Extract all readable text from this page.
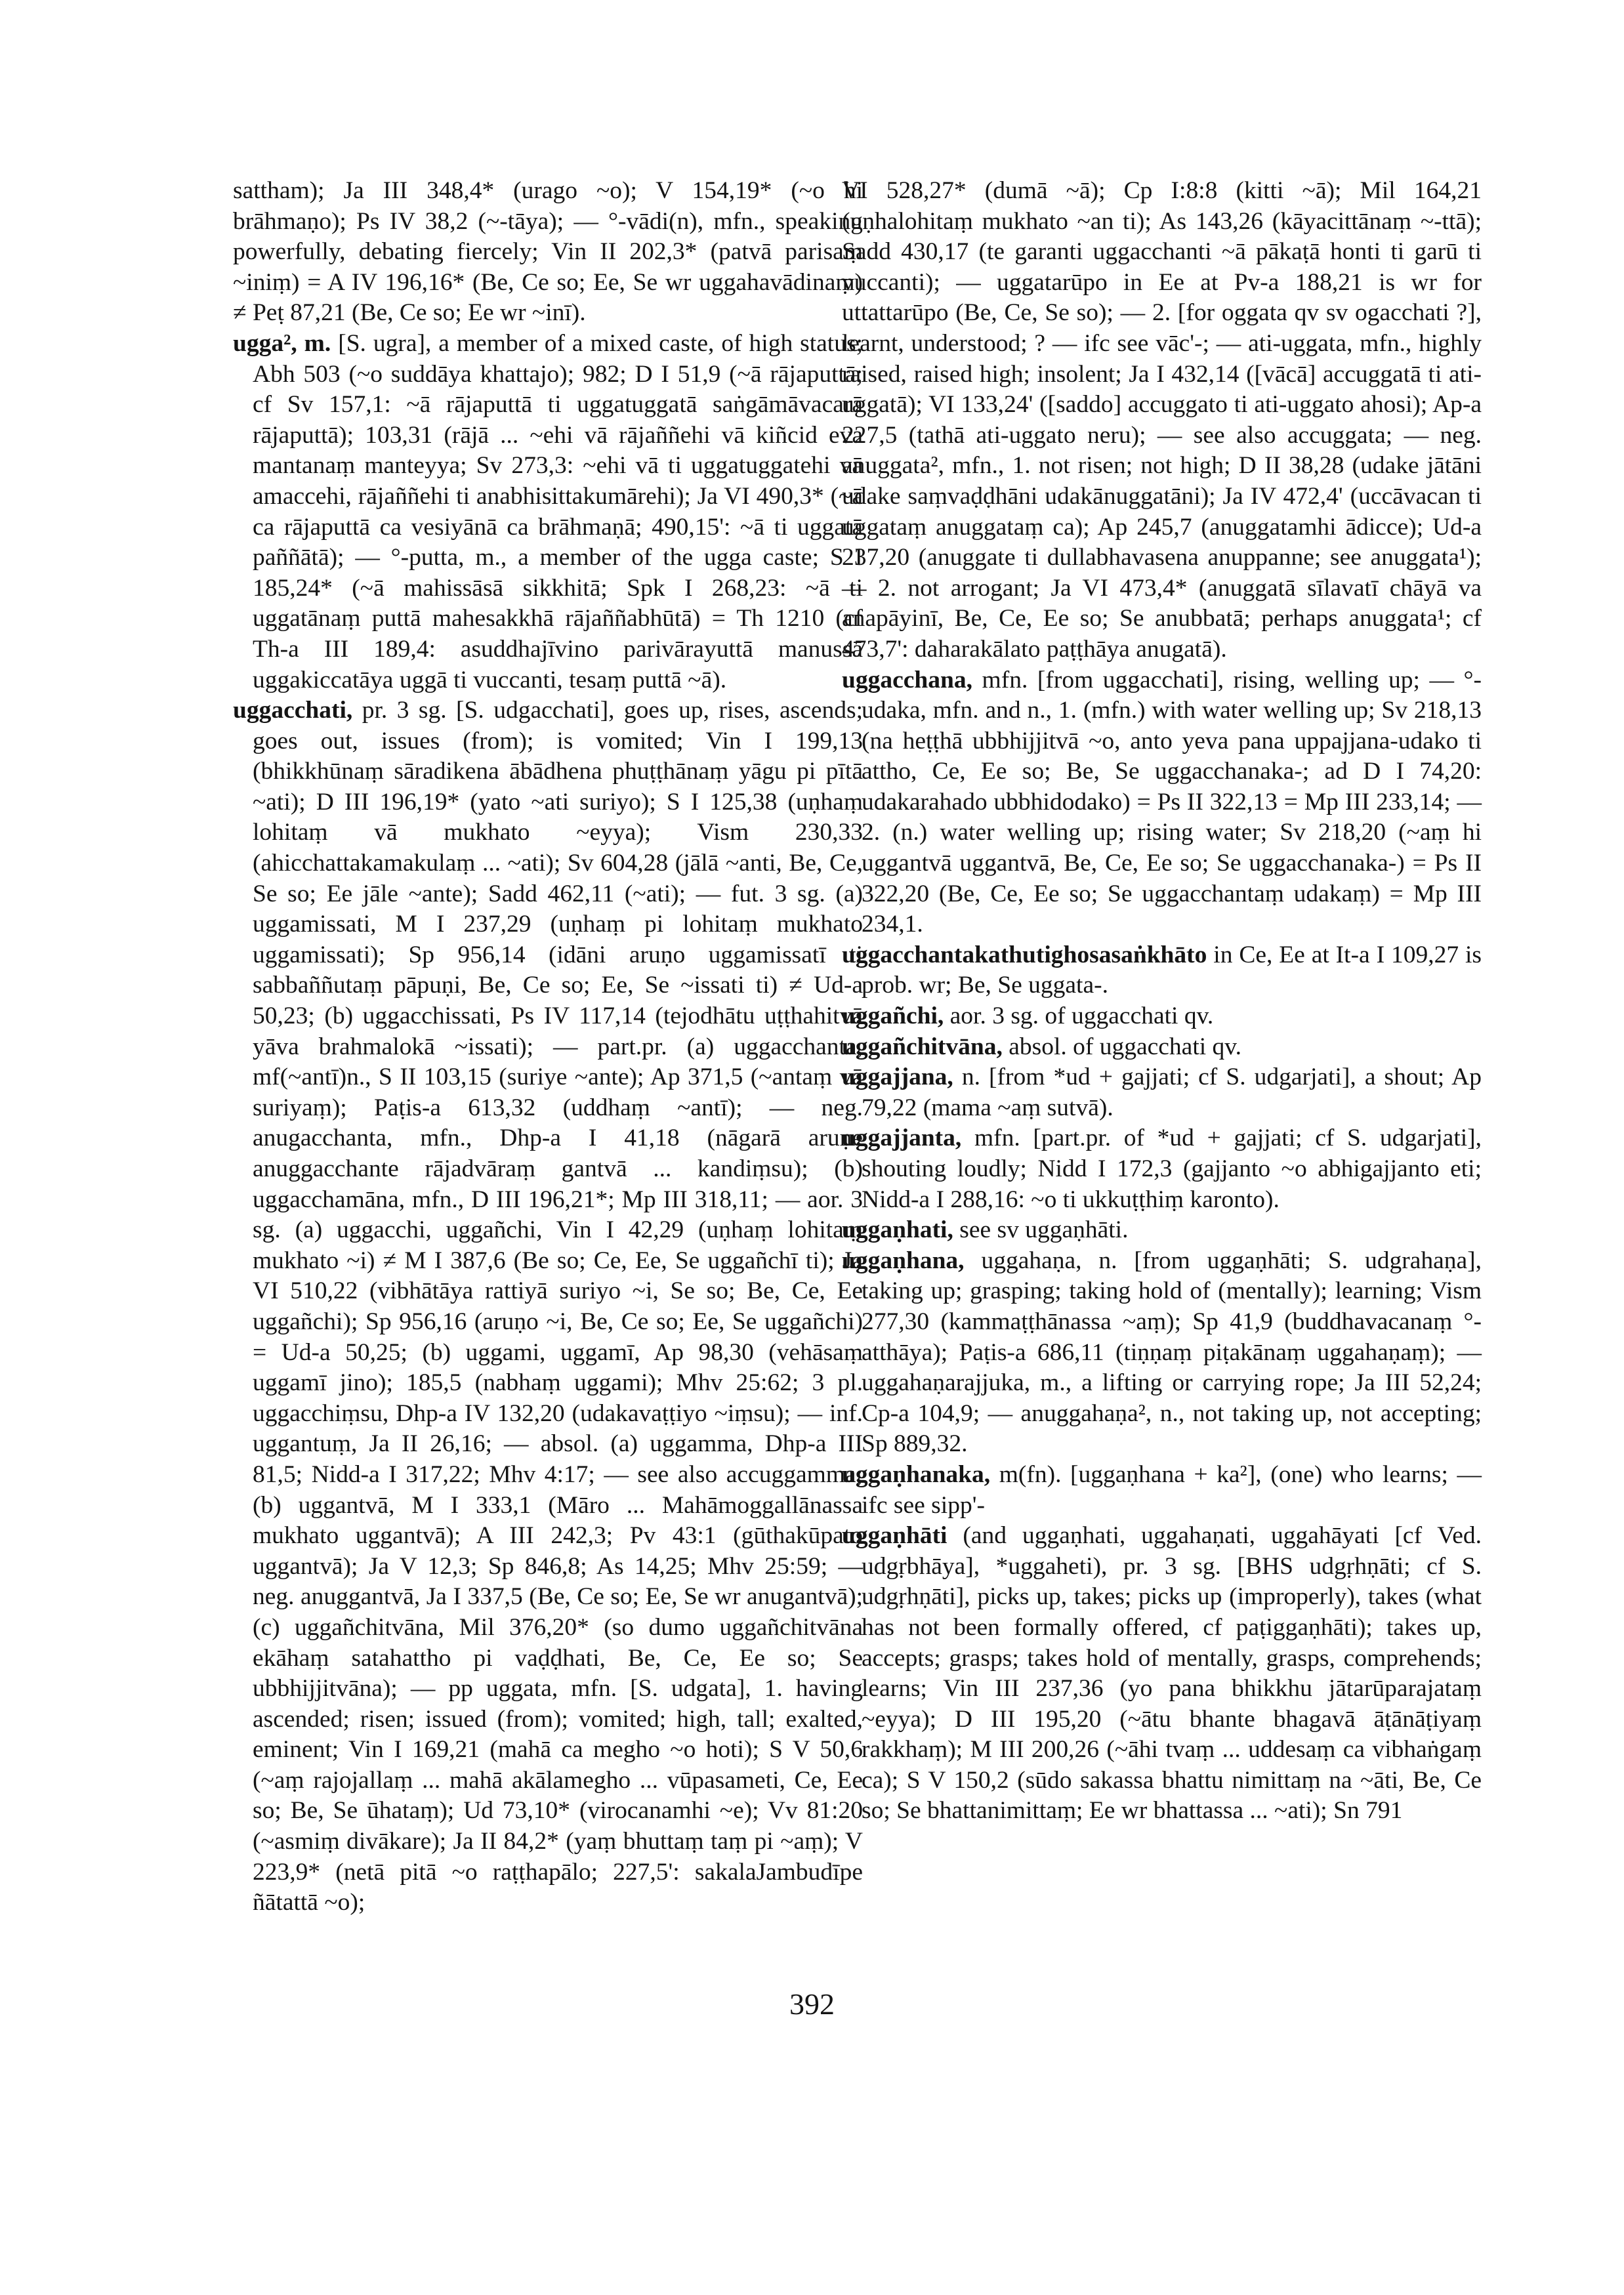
sattham); Ja III 348,4* (urago ~o); V 154,19* (~o hi brāhmaṇo); Ps IV 38,2 (~-tāya); — °-vādi(n), mfn., speaking powerfully, debating fiercely; Vin II 202,3* (patvā parisaṃ ~iniṃ) = A IV 196,16* (Be, Ce so; Ee, Se wr uggahavādinaṃ) ≠ Peṭ 87,21 (Be, Ce so; Ee wr ~inī).

ugga², m. [S. ugra], a member of a mixed caste, of high status; Abh 503 (~o suddāya khattajo); 982; D I 51,9 (~ā rājaputtā; cf Sv 157,1: ~ā rājaputtā ti uggatuggatā saṅgāmāvacarā rājaputtā); 103,31 (rājā ... ~ehi vā rājaññehi vā kiñcid eva mantanaṃ manteyya; Sv 273,3: ~ehi vā ti uggatuggatehi vā amaccehi, rājaññehi ti anabhisittakumārehi); Ja VI 490,3* (~ā ca rājaputtā ca vesiyānā ca brāhmaṇā; 490,15': ~ā ti uggatā paññātā); — °-putta, m., a member of the ugga caste; S I 185,24* (~ā mahissāsā sikkhitā; Spk I 268,23: ~ā ti uggatānaṃ puttā mahesakkhā rājaññabhūtā) = Th 1210 (cf Th-a III 189,4: asuddhajīvino parivārayuttā manussā uggakiccatāya uggā ti vuccanti, tesaṃ puttā ~ā).

uggacchati, pr. 3 sg. [S. udgacchati], goes up, rises, ascends; goes out, issues (from); is vomited; Vin I 199,13 (bhikkhūnaṃ sāradikena ābādhena phuṭṭhānaṃ yāgu pi pītā ~ati); D III 196,19* (yato ~ati suriyo); S I 125,38 (uṇhaṃ lohitaṃ vā mukhato ~eyya); Vism 230,33 (ahicchattakamakulaṃ ... ~ati); Sv 604,28 (jālā ~anti, Be, Ce, Se so; Ee jāle ~ante); Sadd 462,11 (~ati); — fut. 3 sg. (a) uggamissati, M I 237,29 (uṇhaṃ pi lohitaṃ mukhato uggamissati); Sp 956,14 (idāni aruṇo uggamissatī ti sabbaññutaṃ pāpuṇi, Be, Ce so; Ee, Se ~issati ti) ≠ Ud-a 50,23; (b) uggacchissati, Ps IV 117,14 (tejodhātu uṭṭhahitvā yāva brahmalokā ~issati); — part.pr. (a) uggacchanta, mf(~antī)n., S II 103,15 (suriye ~ante); Ap 371,5 (~antaṃ vā suriyaṃ); Paṭis-a 613,32 (uddhaṃ ~antī); — neg. anugacchanta, mfn., Dhp-a I 41,18 (nāgarā aruṇe anuggacchante rājadvāraṃ gantvā ... kandiṃsu); (b) uggacchamāna, mfn., D III 196,21*; Mp III 318,11; — aor. 3 sg. (a) uggacchi, uggañchi, Vin I 42,29 (uṇhaṃ lohitaṃ mukhato ~i) ≠ M I 387,6 (Be so; Ce, Ee, Se uggañchī ti); Ja VI 510,22 (vibhātāya rattiyā suriyo ~i, Se so; Be, Ce, Ee uggañchi); Sp 956,16 (aruṇo ~i, Be, Ce so; Ee, Se uggañchi) = Ud-a 50,25; (b) uggami, uggamī, Ap 98,30 (vehāsaṃ uggamī jino); 185,5 (nabhaṃ uggami); Mhv 25:62; 3 pl. uggacchiṃsu, Dhp-a IV 132,20 (udakavaṭṭiyo ~iṃsu); — inf. uggantuṃ, Ja II 26,16; — absol. (a) uggamma, Dhp-a III 81,5; Nidd-a I 317,22; Mhv 4:17; — see also accuggamma; (b) uggantvā, M I 333,1 (Māro ... Mahāmoggallānassa mukhato uggantvā); A III 242,3; Pv 43:1 (gūthakūpato uggantvā); Ja V 12,3; Sp 846,8; As 14,25; Mhv 25:59; — neg. anuggantvā, Ja I 337,5 (Be, Ce so; Ee, Se wr anugantvā); (c) uggañchitvāna, Mil 376,20* (so dumo uggañchitvāna ekāhaṃ satahattho pi vaḍḍhati, Be, Ce, Ee so; Se ubbhijjitvāna); — pp uggata, mfn. [S. udgata], 1. having ascended; risen; issued (from); vomited; high, tall; exalted, eminent; Vin I 169,21 (mahā ca megho ~o hoti); S V 50,6 (~aṃ rajojallaṃ ... mahā akālamegho ... vūpasameti, Ce, Ee so; Be, Se ūhataṃ); Ud 73,10* (virocanamhi ~e); Vv 81:20 (~asmiṃ divākare); Ja II 84,2* (yaṃ bhuttaṃ taṃ pi ~aṃ); V 223,9* (netā pitā ~o raṭṭhapālo; 227,5': sakalaJambudīpe ñātattā ~o);

VI 528,27* (dumā ~ā); Cp I:8:8 (kitti ~ā); Mil 164,21 (uṇhalohitaṃ mukhato ~an ti); As 143,26 (kāyacittānaṃ ~-ttā); Sadd 430,17 (te garanti uggacchanti ~ā pākaṭā honti ti garū ti vuccanti); — uggatarūpo in Ee at Pv-a 188,21 is wr for uttattarūpo (Be, Ce, Se so); — 2. [for oggata qv sv ogacchati ?], learnt, understood; ? — ifc see vāc'-; — ati-uggata, mfn., highly raised, raised high; insolent; Ja I 432,14 ([vācā] accuggatā ti ati-uggatā); VI 133,24' ([saddo] accuggato ti ati-uggato ahosi); Ap-a 227,5 (tathā ati-uggato neru); — see also accuggata; — neg. anuggata², mfn., 1. not risen; not high; D II 38,28 (udake jātāni udake saṃvaḍḍhāni udakānuggatāni); Ja IV 472,4' (uccāvacan ti uggataṃ anuggataṃ ca); Ap 245,7 (anuggatamhi ādicce); Ud-a 237,20 (anuggate ti dullabhavasena anuppanne; see anuggata¹); — 2. not arrogant; Ja VI 473,4* (anuggatā sīlavatī chāyā va anapāyinī, Be, Ce, Ee so; Se anubbatā; perhaps anuggata¹; cf 473,7': daharakālato paṭṭhāya anugatā).

uggacchana, mfn. [from uggacchati], rising, welling up; — °-udaka, mfn. and n., 1. (mfn.) with water welling up; Sv 218,13 (na heṭṭhā ubbhijjitvā ~o, anto yeva pana uppajjana-udako ti attho, Ce, Ee so; Be, Se uggacchanaka-; ad D I 74,20: udakarahado ubbhidodako) = Ps II 322,13 = Mp III 233,14; — 2. (n.) water welling up; rising water; Sv 218,20 (~aṃ hi uggantvā uggantvā, Be, Ce, Ee so; Se uggacchanaka-) = Ps II 322,20 (Be, Ce, Ee so; Se uggacchantaṃ udakaṃ) = Mp III 234,1.

uggacchantakathutighosasaṅkhāto in Ce, Ee at It-a I 109,27 is prob. wr; Be, Se uggata-.

uggañchi, aor. 3 sg. of uggacchati qv.

uggañchitvāna, absol. of uggacchati qv.

uggajjana, n. [from *ud + gajjati; cf S. udgarjati], a shout; Ap 79,22 (mama ~aṃ sutvā).

uggajjanta, mfn. [part.pr. of *ud + gajjati; cf S. udgarjati], shouting loudly; Nidd I 172,3 (gajjanto ~o abhigajjanto eti; Nidd-a I 288,16: ~o ti ukkuṭṭhiṃ karonto).

uggaṇhati, see sv uggaṇhāti.

uggaṇhana, uggahaṇa, n. [from uggaṇhāti; S. udgrahaṇa], taking up; grasping; taking hold of (mentally); learning; Vism 277,30 (kammaṭṭhānassa ~aṃ); Sp 41,9 (buddhavacanaṃ °-atthāya); Paṭis-a 686,11 (tiṇṇaṃ piṭakānaṃ uggahaṇaṃ); — uggahaṇarajjuka, m., a lifting or carrying rope; Ja III 52,24; Cp-a 104,9; — anuggahaṇa², n., not taking up, not accepting; Sp 889,32.

uggaṇhanaka, m(fn). [uggaṇhana + ka²], (one) who learns; — ifc see sipp'-

uggaṇhāti (and uggaṇhati, uggahaṇati, uggahāyati [cf Ved. udgṛbhāya], *uggaheti), pr. 3 sg. [BHS udgṛhṇāti; cf S. udgṛhṇāti], picks up, takes; picks up (improperly), takes (what has not been formally offered, cf paṭiggaṇhāti); takes up, accepts; grasps; takes hold of mentally, grasps, comprehends; learns; Vin III 237,36 (yo pana bhikkhu jātarūparajataṃ ~eyya); D III 195,20 (~ātu bhante bhagavā āṭānāṭiyaṃ rakkhaṃ); M III 200,26 (~āhi tvaṃ ... uddesaṃ ca vibhaṅgaṃ ca); S V 150,2 (sūdo sakassa bhattu nimittaṃ na ~āti, Be, Ce so; Se bhattanimittaṃ; Ee wr bhattassa ... ~ati); Sn 791

392
